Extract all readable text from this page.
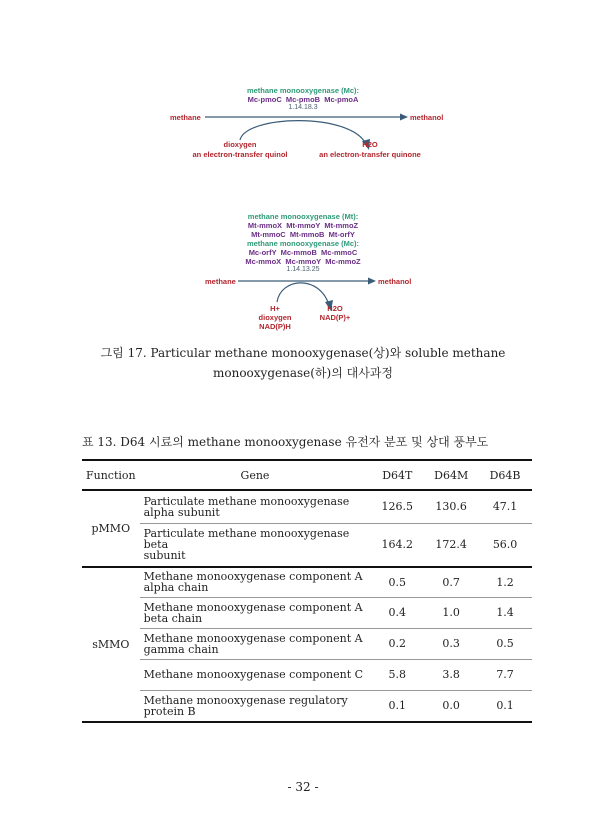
methane monooxygenase (Mc):
Mc-pmoC  Mc-pmoB  Mc-pmoA
1.14.18.3
methane	methanol
dioxygen
an electron-transfer quinol
H2O
an electron-transfer quinone
methane monooxygenase (Mt):
Mt-mmoX  Mt-mmoY  Mt-mmoZ
Mt-mmoC  Mt-mmoB  Mt-orfY
methane monooxygenase (Mc):
Mc-orfY  Mc-mmoB  Mc-mmoC
Mc-mmoX  Mc-mmoY  Mc-mmoZ
1.14.13.25
methane	methanol
H+
dioxygen
NAD(P)H
H2O
NAD(P)+
그림 17. Particular methane monooxygenase(상)와 soluble methane
monooxygenase(하)의 대사과정
표 13. D64 시료의 methane monooxygenase 유전자 분포 및 상대 풍부도
Function	Gene	D64T	D64M	D64B
pMMO	Particulate methane monooxygenase
alpha subunit	126.5	130.6	47.1

	Particulate methane monooxygenase beta
subunit	164.2	172.4	56.0
sMMO	Methane monooxygenase component A
alpha chain	0.5	0.7	1.2

	Methane monooxygenase component A
beta chain	0.4	1.0	1.4

	Methane monooxygenase component A
gamma chain	0.2	0.3	0.5

	Methane monooxygenase component C	5.8	3.8	7.7

	Methane monooxygenase regulatory
protein B	0.1	0.0	0.1
- 32 -
